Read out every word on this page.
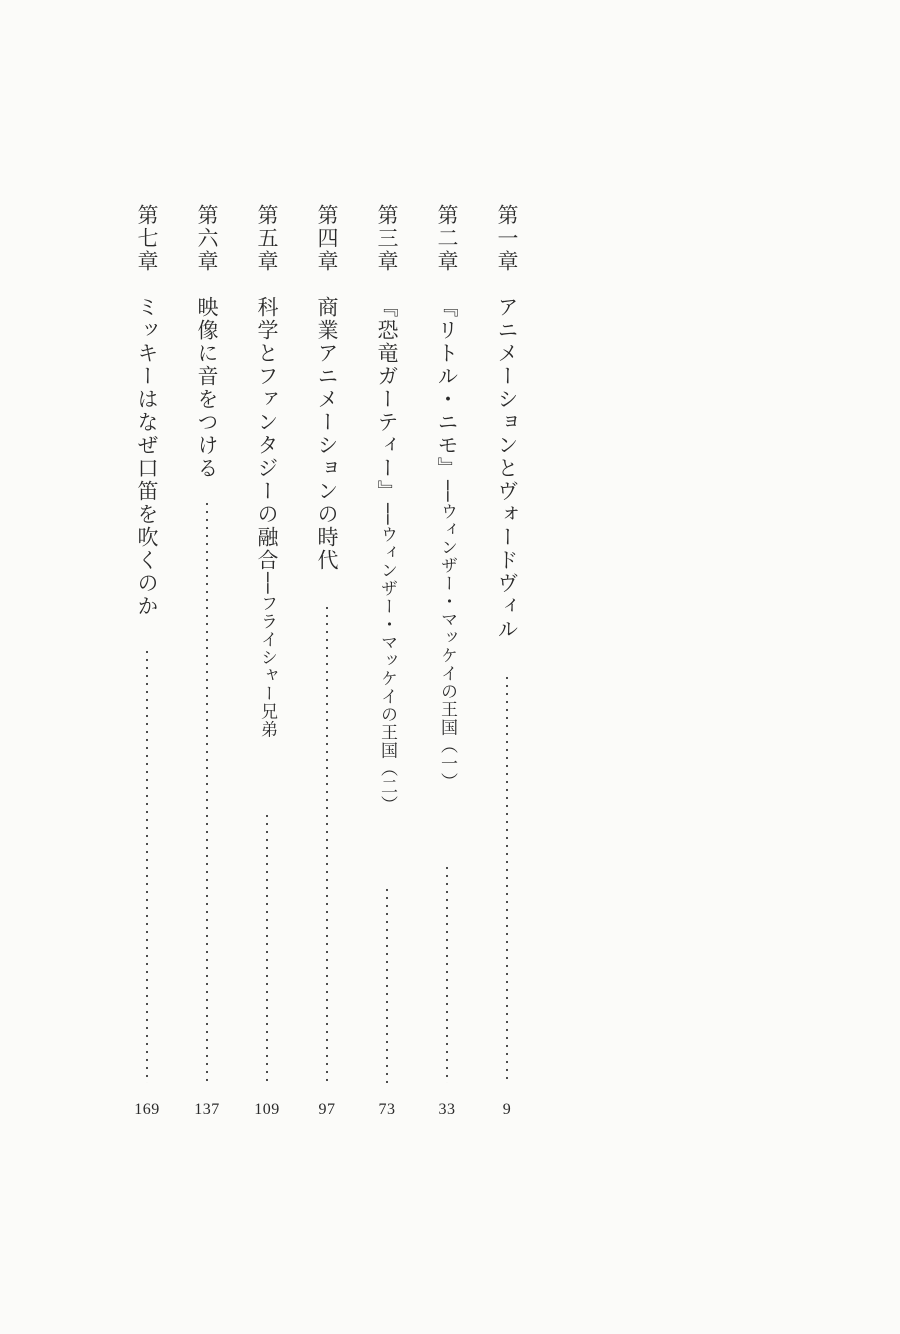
第一章
アニメーションとヴォードヴィル
9
第二章
『リトル・ニモ』──ウィンザー・マッケイの王国（一）
33
第三章
『恐竜ガーティー』──ウィンザー・マッケイの王国（二）
73
第四章
商業アニメーションの時代
97
第五章
科学とファンタジーの融合──フライシャー兄弟
109
第六章
映像に音をつける
137
第七章
ミッキーはなぜ口笛を吹くのか
169
